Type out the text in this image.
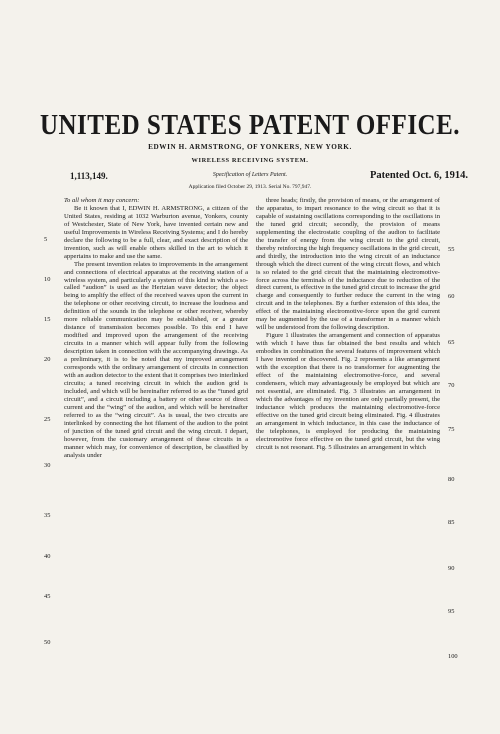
UNITED STATES PATENT OFFICE.
EDWIN H. ARMSTRONG, OF YONKERS, NEW YORK.
WIRELESS RECEIVING SYSTEM.
1,113,149.	Specification of Letters Patent.	Patented Oct. 6, 1914.
Application filed October 29, 1913. Serial No. 797,947.

To all whom it may concern:

Be it known that I, EDWIN H. ARMSTRONG, a citizen of the United States, residing at 1032 Warburton avenue, Yonkers, county of Westchester, State of New York, have invented certain new and useful Improvements in Wireless Receiving Systems; and I do hereby declare the following to be a full, clear, and exact description of the invention, such as will enable others skilled in the art to which it appertains to make and use the same.

The present invention relates to improvements in the arrangement and connections of electrical apparatus at the receiving station of a wireless system, and particularly a system of this kind in which a so-called “audion” is used as the Hertzian wave detector; the object being to amplify the effect of the received waves upon the current in the telephone or other receiving circuit, to increase the loudness and definition of the sounds in the telephone or other receiver, whereby more reliable communication may be established, or a greater distance of transmission becomes possible. To this end I have modified and improved upon the arrangement of the receiving circuits in a manner which will appear fully from the following description taken in connection with the accompanying drawings. As a preliminary, it is to be noted that my improved arrangement corresponds with the ordinary arrangement of circuits in connection with an audion detector to the extent that it comprises two interlinked circuits; a tuned receiving circuit in which the audion grid is included, and which will be hereinafter referred to as the “tuned grid circuit”, and a circuit including a battery or other source of direct current and the “wing” of the audion, and which will be hereinafter referred to as the “wing circuit”. As is usual, the two circuits are interlinked by connecting the hot filament of the audion to the point of junction of the tuned grid circuit and the wing circuit. I depart, however, from the customary arrangement of these circuits in a manner which may, for convenience of description, be classified by analysis under

three heads; firstly, the provision of means, or the arrangement of the apparatus, to impart resonance to the wing circuit so that it is capable of sustaining oscillations corresponding to the oscillations in the tuned grid circuit; secondly, the provision of means supplementing the electrostatic coupling of the audion to facilitate the transfer of energy from the wing circuit to the grid circuit, thereby reinforcing the high frequency oscillations in the grid circuit, and thirdly, the introduction into the wing circuit of an inductance through which the direct current of the wing circuit flows, and which is so related to the grid circuit that the maintaining electromotive-force across the terminals of the inductance due to reduction of the direct current, is effective in the tuned grid circuit to increase the grid charge and consequently to further reduce the current in the wing circuit and in the telephones. By a further extension of this idea, the effect of the maintaining electromotive-force upon the grid current may be augmented by the use of a transformer in a manner which will be understood from the following description.

Figure 1 illustrates the arrangement and connection of apparatus with which I have thus far obtained the best results and which embodies in combination the several features of improvement which I have invented or discovered. Fig. 2 represents a like arrangement with the exception that there is no transformer for augmenting the effect of the maintaining electromotive-force, and several condensers, which may advantageously be employed but which are not essential, are eliminated. Fig. 3 illustrates an arrangement in which the advantages of my invention are only partially present, the inductance which produces the maintaining electromotive-force effective on the tuned grid circuit being eliminated. Fig. 4 illustrates an arrangement in which inductance, in this case the inductance of the telephones, is employed for producing the maintaining electromotive force effective on the tuned grid circuit, but the wing circuit is not resonant. Fig. 5 illustrates an arrangement in which

5
10
15
20
25
30
35
40
45
50
55
60
65
70
75
80
85
90
95
100
